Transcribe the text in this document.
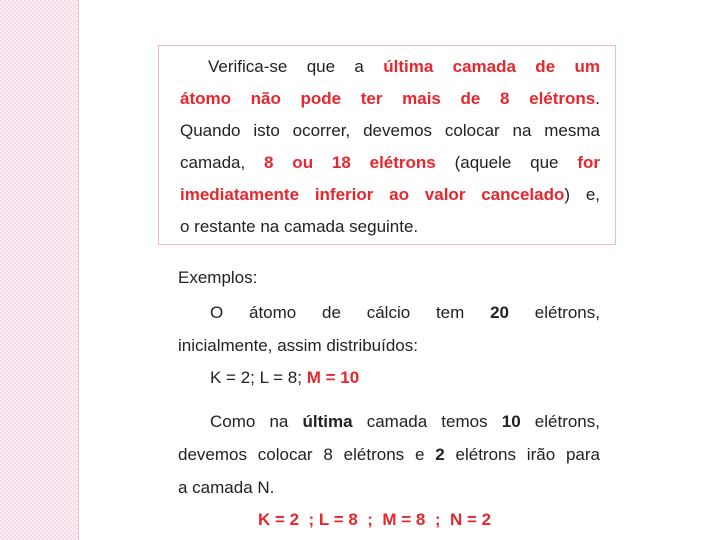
Verifica-se que a última camada de um
átomo não pode ter mais de 8 elétrons.
Quando isto ocorrer, devemos colocar na mesma
camada, 8 ou 18 elétrons (aquele que for
imediatamente inferior ao valor cancelado) e,
o restante na camada seguinte.
Exemplos:
O átomo de cálcio tem 20 elétrons,
inicialmente, assim distribuídos:
K = 2; L = 8; M = 10
Como na última camada temos 10 elétrons,
devemos colocar 8 elétrons e 2 elétrons irão para
a camada N.
K = 2  ; L = 8  ;  M = 8  ;  N = 2
